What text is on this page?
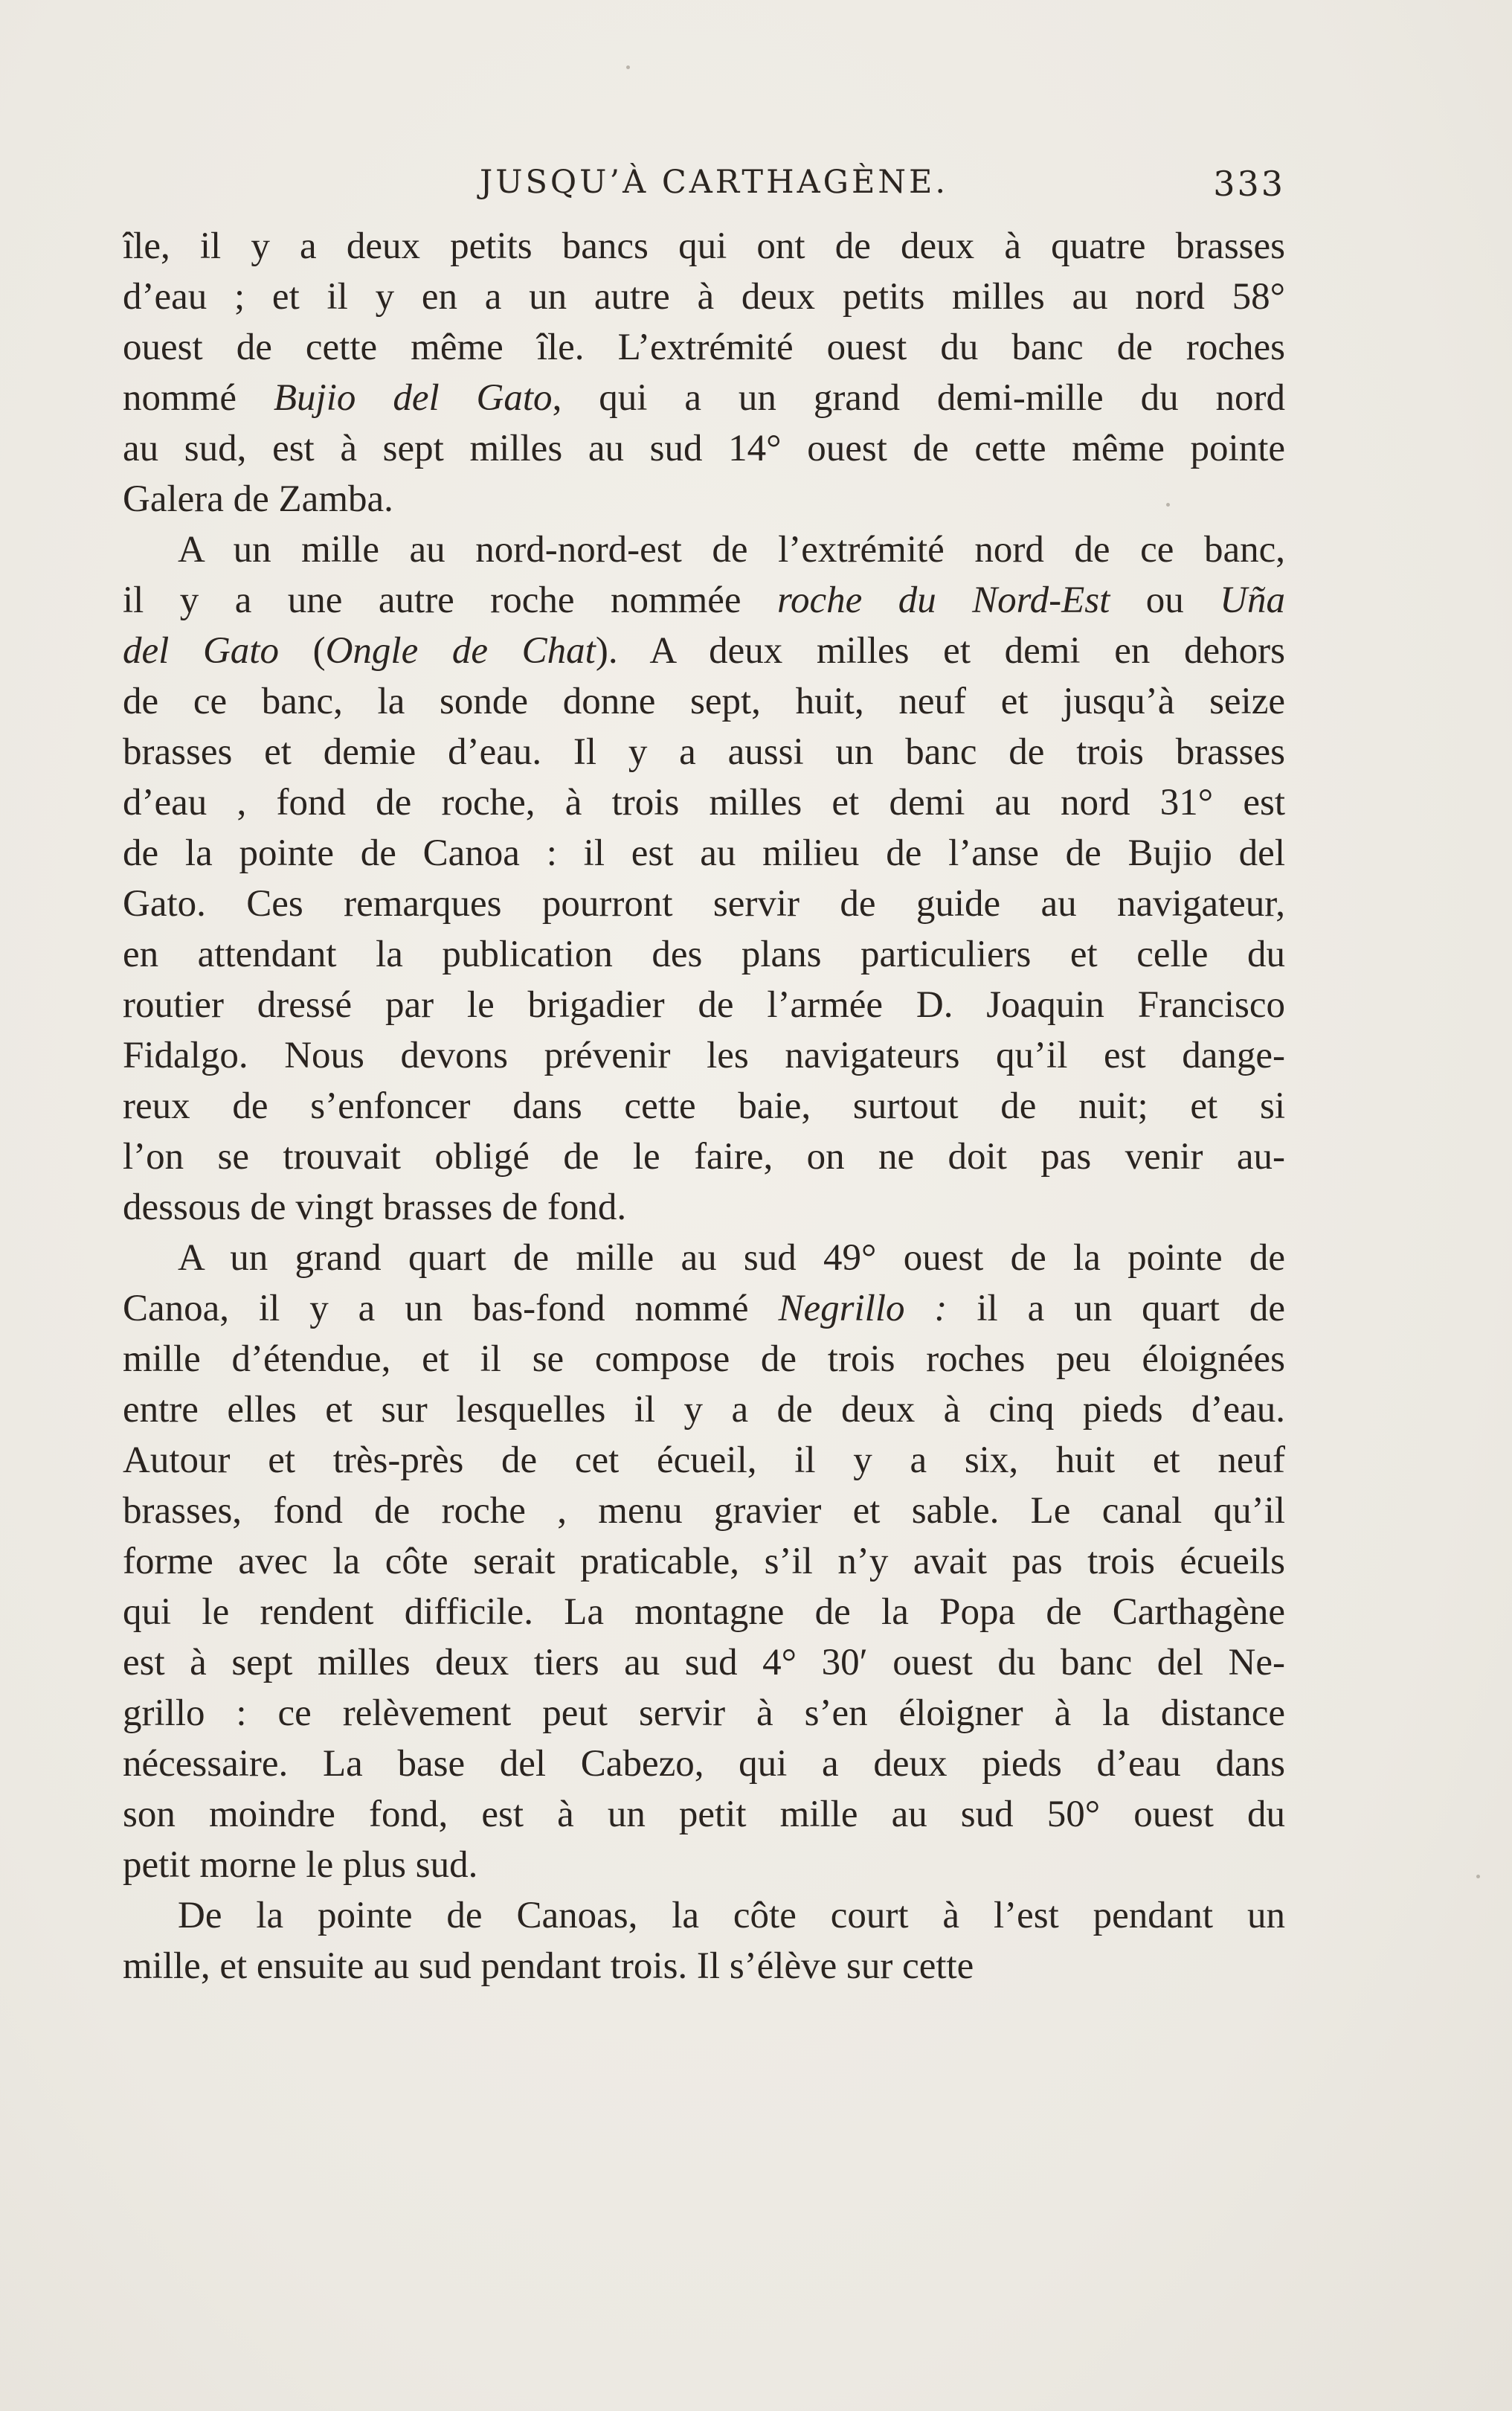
JUSQU’À CARTHAGÈNE.	333
île, il y a deux petits bancs qui ont de deux à quatre brasses
d’eau ; et il y en a un autre à deux petits milles au nord 58°
ouest de cette même île. L’extrémité ouest du banc de roches
nommé Bujio del Gato, qui a un grand demi-mille du nord
au sud, est à sept milles au sud 14° ouest de cette même pointe
Galera de Zamba.
A un mille au nord-nord-est de l’extrémité nord de ce banc,
il y a une autre roche nommée roche du Nord-Est ou Uña
del Gato (Ongle de Chat). A deux milles et demi en dehors
de ce banc, la sonde donne sept, huit, neuf et jusqu’à seize
brasses et demie d’eau. Il y a aussi un banc de trois brasses
d’eau , fond de roche, à trois milles et demi au nord 31° est
de la pointe de Canoa : il est au milieu de l’anse de Bujio del
Gato. Ces remarques pourront servir de guide au navigateur,
en attendant la publication des plans particuliers et celle du
routier dressé par le brigadier de l’armée D. Joaquin Francisco
Fidalgo. Nous devons prévenir les navigateurs qu’il est dange-
reux de s’enfoncer dans cette baie, surtout de nuit; et si
l’on se trouvait obligé de le faire, on ne doit pas venir au-
dessous de vingt brasses de fond.
A un grand quart de mille au sud 49° ouest de la pointe de
Canoa, il y a un bas-fond nommé Negrillo : il a un quart de
mille d’étendue, et il se compose de trois roches peu éloignées
entre elles et sur lesquelles il y a de deux à cinq pieds d’eau.
Autour et très-près de cet écueil, il y a six, huit et neuf
brasses, fond de roche , menu gravier et sable. Le canal qu’il
forme avec la côte serait praticable, s’il n’y avait pas trois écueils
qui le rendent difficile. La montagne de la Popa de Carthagène
est à sept milles deux tiers au sud 4° 30′ ouest du banc del Ne-
grillo : ce relèvement peut servir à s’en éloigner à la distance
nécessaire. La base del Cabezo, qui a deux pieds d’eau dans
son moindre fond, est à un petit mille au sud 50° ouest du
petit morne le plus sud.
De la pointe de Canoas, la côte court à l’est pendant un
mille, et ensuite au sud pendant trois. Il s’élève sur cette
